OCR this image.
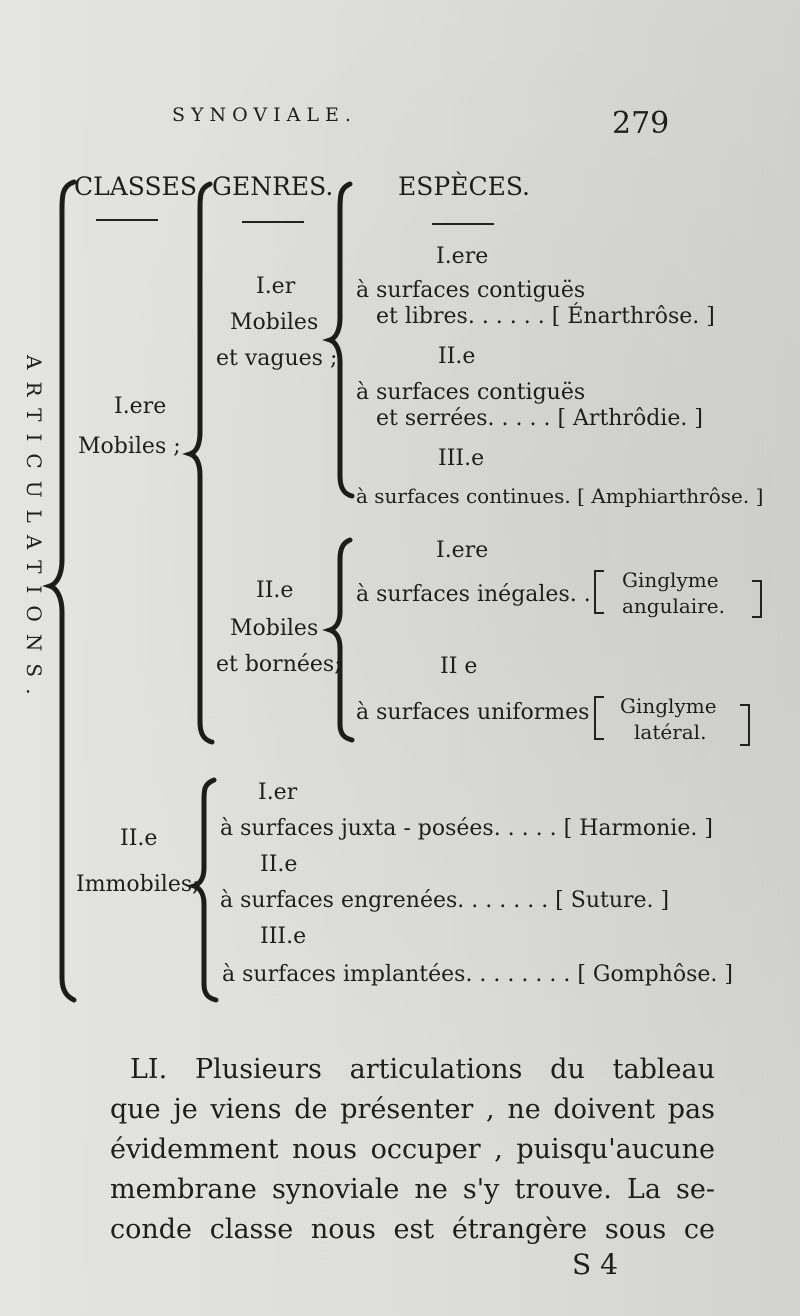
SYNOVIALE.	279
ARTICULATIONS.
CLASSES. GENRES.	ESPÈCES.
I.ere
Mobiles ;
I.er
Mobiles
et vagues ;
I.ere
à surfaces contiguës
et libres. . . . . . [ Énarthrôse. ]
II.e
à surfaces contiguës
et serrées. . . . . [ Arthrôdie. ]
III.e
à surfaces continues. [ Amphiarthrôse. ]
II.e
Mobiles
et bornées;
I.ere
à surfaces inégales. .
Ginglyme
angulaire.
II e
à surfaces uniformes Ginglyme
latéral.
II.e
Immobiles;
I.er
à surfaces juxta - posées. . . . . [ Harmonie. ]
II.e
à surfaces engrenées. . . . . . . [ Suture. ]
III.e
à surfaces implantées. . . . . . . . [ Gomphôse. ]
LI. Plusieurs articulations du tableau
que je viens de présenter , ne doivent pas
évidemment nous occuper , puisqu'aucune
membrane synoviale ne s'y trouve. La se-
conde classe nous est étrangère sous ce
S 4
